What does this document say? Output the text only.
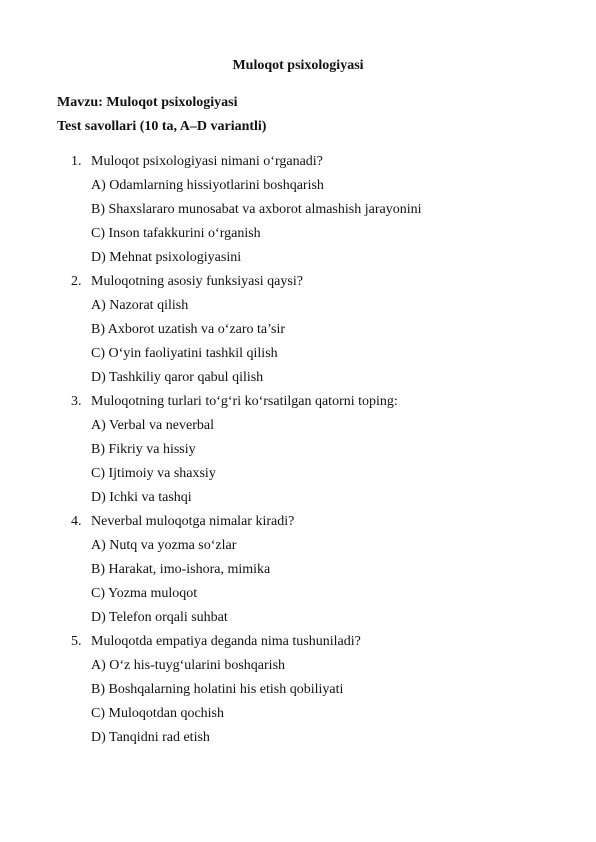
Muloqot psixologiyasi
Mavzu: Muloqot psixologiyasi
Test savollari (10 ta, A–D variantli)
1. Muloqot psixologiyasi nimani o‘rganadi?
A) Odamlarning hissiyotlarini boshqarish
B) Shaxslararo munosabat va axborot almashish jarayonini
C) Inson tafakkurini o‘rganish
D) Mehnat psixologiyasini
2. Muloqotning asosiy funksiyasi qaysi?
A) Nazorat qilish
B) Axborot uzatish va o‘zaro ta’sir
C) O‘yin faoliyatini tashkil qilish
D) Tashkiliy qaror qabul qilish
3. Muloqotning turlari to‘g‘ri ko‘rsatilgan qatorni toping:
A) Verbal va neverbal
B) Fikriy va hissiy
C) Ijtimoiy va shaxsiy
D) Ichki va tashqi
4. Neverbal muloqotga nimalar kiradi?
A) Nutq va yozma so‘zlar
B) Harakat, imo-ishora, mimika
C) Yozma muloqot
D) Telefon orqali suhbat
5. Muloqotda empatiya deganda nima tushuniladi?
A) O‘z his-tuyg‘ularini boshqarish
B) Boshqalarning holatini his etish qobiliyati
C) Muloqotdan qochish
D) Tanqidni rad etish
